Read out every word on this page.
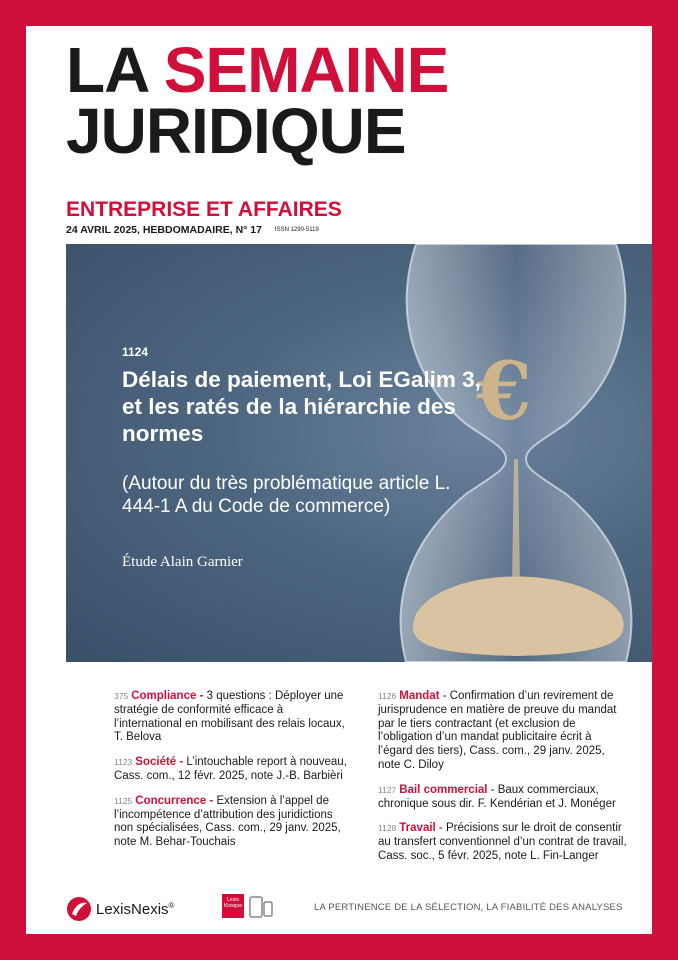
LA SEMAINE
JURIDIQUE
ENTREPRISE ET AFFAIRES
24 AVRIL 2025, HEBDOMADAIRE, N° 17 ISSN 1290-5119
€
1124
Délais de paiement, Loi EGalim 3, et les ratés de la hiérarchie des normes
(Autour du très problématique article L. 444-1 A du Code de commerce)
Étude Alain Garnier
375 Compliance - 3 questions : Déployer une stratégie de conformité efficace à l’international en mobilisant des relais locaux, T. Belova
1123 Société - L’intouchable report à nouveau, Cass. com., 12 févr. 2025, note J.-B. Barbièri
1125 Concurrence - Extension à l’appel de l’incompétence d’attribution des juridictions non spécialisées, Cass. com., 29 janv. 2025, note M. Behar-Touchais
1126 Mandat - Confirmation d’un revirement de jurisprudence en matière de preuve du mandat par le tiers contractant (et exclusion de l’obligation d’un mandat publicitaire écrit à l’égard des tiers), Cass. com., 29 janv. 2025, note C. Diloy
1127 Bail commercial - Baux commerciaux, chronique sous dir. F. Kendérian et J. Monéger
1128 Travail - Précisions sur le droit de consentir au transfert conventionnel d’un contrat de travail, Cass. soc., 5 févr. 2025, note L. Fin-Langer
LexisNexis®
Lexis
Kiosque	LA PERTINENCE DE LA SÉLECTION, LA FIABILITÉ DES ANALYSES
